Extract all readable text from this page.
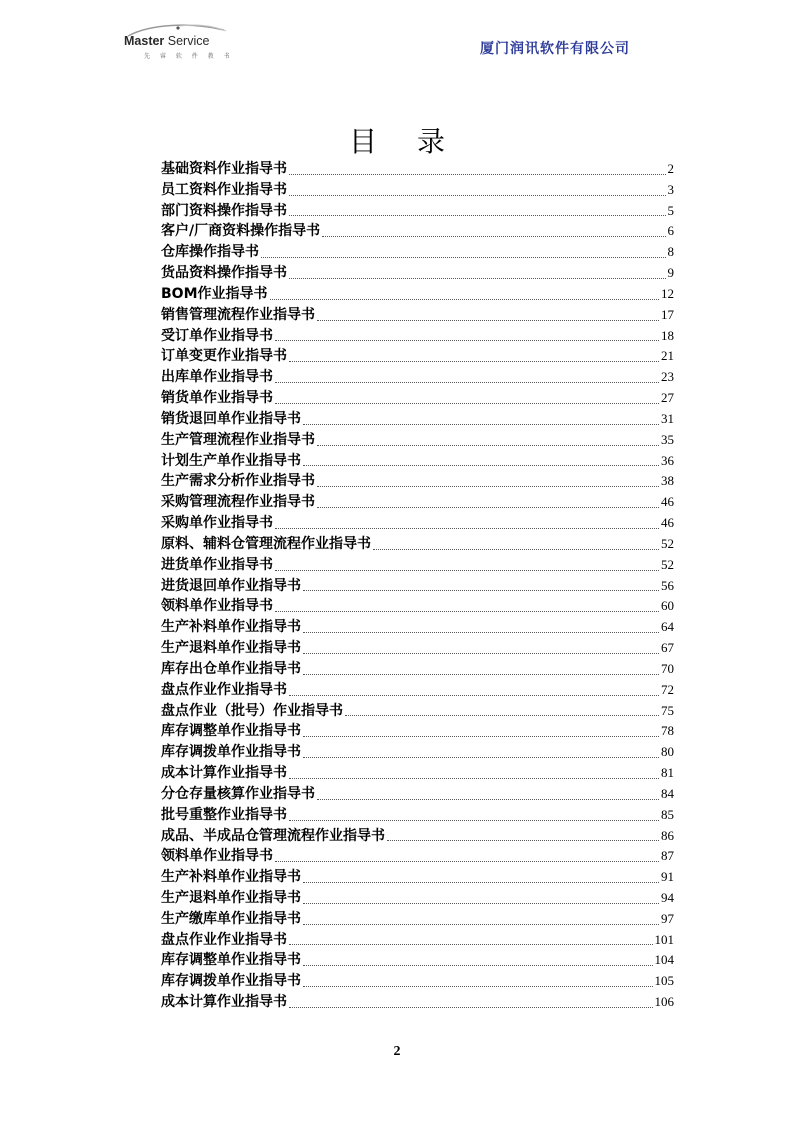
Master Service
先 睿 软 件 教 书	厦门润讯软件有限公司
目录
基础资料作业指导书	2
员工资料作业指导书	3
部门资料操作指导书	5
客户/厂商资料操作指导书	6
仓库操作指导书	8
货品资料操作指导书	9
BOM作业指导书	12
销售管理流程作业指导书	17
受订单作业指导书	18
订单变更作业指导书	21
出库单作业指导书	23
销货单作业指导书	27
销货退回单作业指导书	31
生产管理流程作业指导书	35
计划生产单作业指导书	36
生产需求分析作业指导书	38
采购管理流程作业指导书	46
采购单作业指导书	46
原料、辅料仓管理流程作业指导书	52
进货单作业指导书	52
进货退回单作业指导书	56
领料单作业指导书	60
生产补料单作业指导书	64
生产退料单作业指导书	67
库存出仓单作业指导书	70
盘点作业作业指导书	72
盘点作业（批号）作业指导书	75
库存调整单作业指导书	78
库存调拨单作业指导书	80
成本计算作业指导书	81
分仓存量核算作业指导书	84
批号重整作业指导书	85
成品、半成品仓管理流程作业指导书	86
领料单作业指导书	87
生产补料单作业指导书	91
生产退料单作业指导书	94
生产缴库单作业指导书	97
盘点作业作业指导书	101
库存调整单作业指导书	104
库存调拨单作业指导书	105
成本计算作业指导书	106
2
